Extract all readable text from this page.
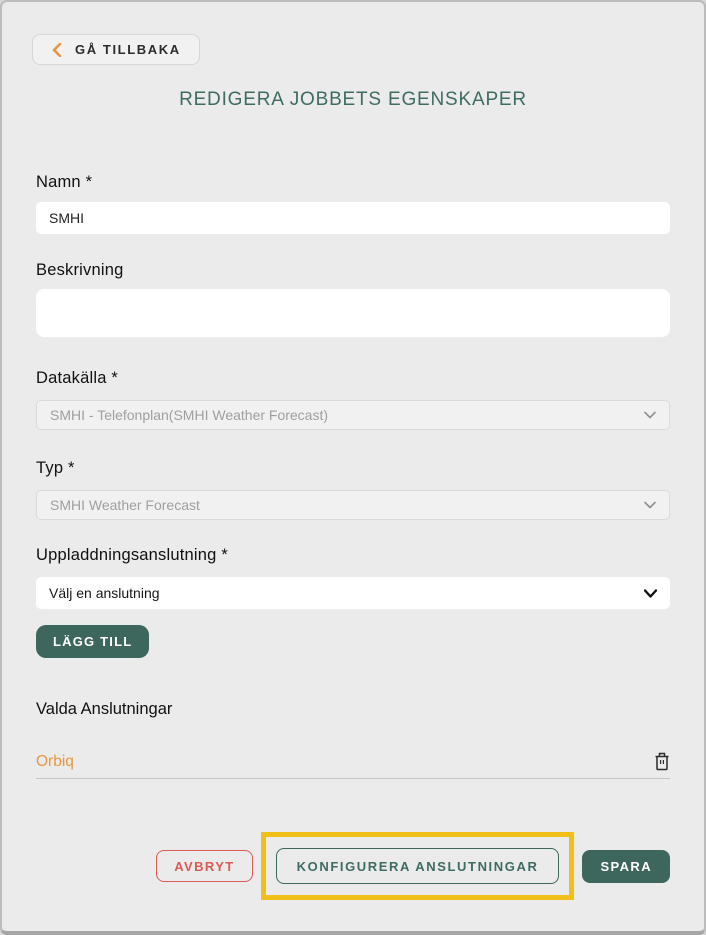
GÅ TILLBAKA
REDIGERA JOBBETS EGENSKAPER
Namn *
SMHI
Beskrivning
Datakälla *
SMHI - Telefonplan(SMHI Weather Forecast)
Typ *
SMHI Weather Forecast
Uppladdningsanslutning *
Välj en anslutning
LÄGG TILL
Valda Anslutningar
Orbiq
AVBRYT	KONFIGURERA ANSLUTNINGAR	SPARA
